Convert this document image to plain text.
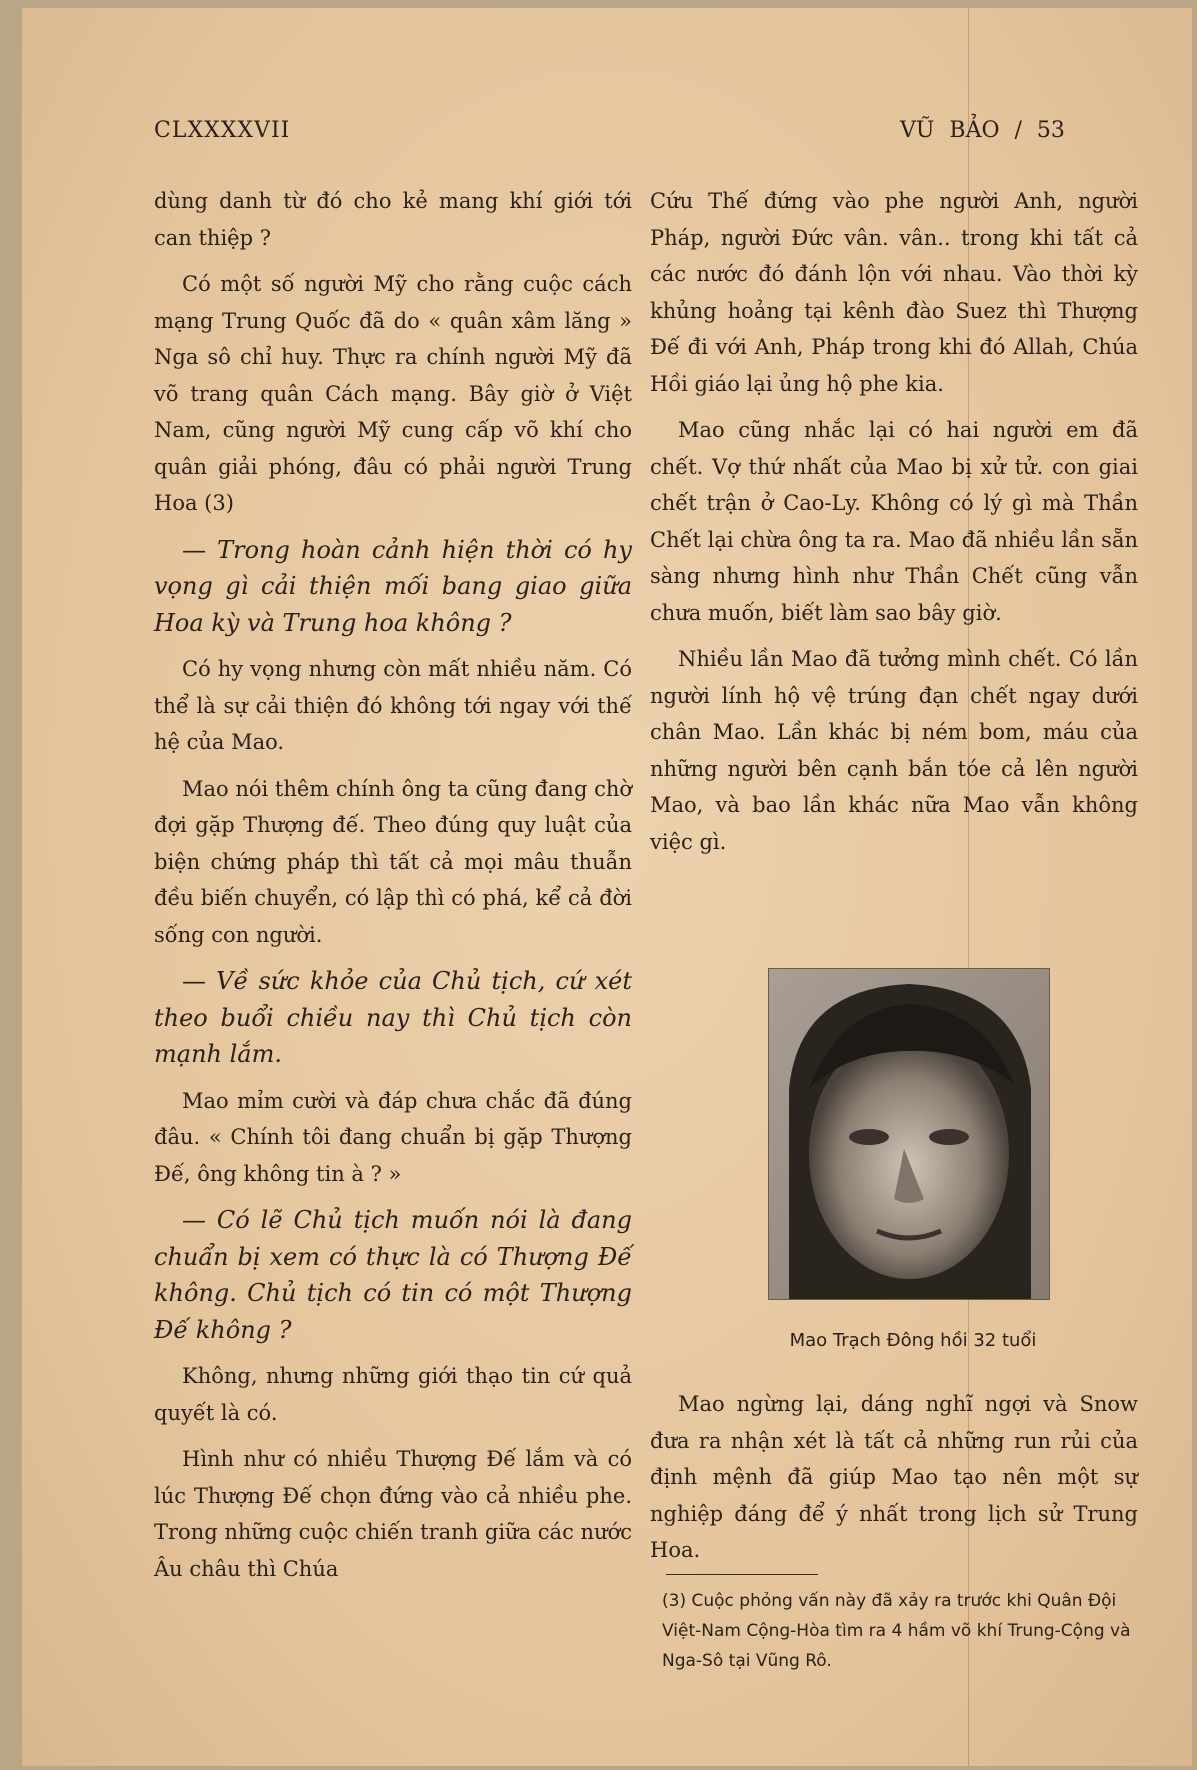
CLXXXXVII	VŨ BẢO / 53

dùng danh từ đó cho kẻ mang khí giới tới can thiệp ?

Có một số người Mỹ cho rằng cuộc cách mạng Trung Quốc đã do « quân xâm lăng » Nga sô chỉ huy. Thực ra chính người Mỹ đã võ trang quân Cách mạng. Bây giờ ở Việt Nam, cũng người Mỹ cung cấp võ khí cho quân giải phóng, đâu có phải người Trung Hoa (3)

— Trong hoàn cảnh hiện thời có hy vọng gì cải thiện mối bang giao giữa Hoa kỳ và Trung hoa không ?

Có hy vọng nhưng còn mất nhiều năm. Có thể là sự cải thiện đó không tới ngay với thế hệ của Mao.

Mao nói thêm chính ông ta cũng đang chờ đợi gặp Thượng đế. Theo đúng quy luật của biện chứng pháp thì tất cả mọi mâu thuẫn đều biến chuyển, có lập thì có phá, kể cả đời sống con người.

— Về sức khỏe của Chủ tịch, cứ xét theo buổi chiều nay thì Chủ tịch còn mạnh lắm.

Mao mỉm cười và đáp chưa chắc đã đúng đâu. « Chính tôi đang chuẩn bị gặp Thượng Đế, ông không tin à ? »

— Có lẽ Chủ tịch muốn nói là đang chuẩn bị xem có thực là có Thượng Đế không. Chủ tịch có tin có một Thượng Đế không ?

Không, nhưng những giới thạo tin cứ quả quyết là có.

Hình như có nhiều Thượng Đế lắm và có lúc Thượng Đế chọn đứng vào cả nhiều phe. Trong những cuộc chiến tranh giữa các nước Âu châu thì Chúa

Cứu Thế đứng vào phe người Anh, người Pháp, người Đức vân. vân.. trong khi tất cả các nước đó đánh lộn với nhau. Vào thời kỳ khủng hoảng tại kênh đào Suez thì Thượng Đế đi với Anh, Pháp trong khi đó Allah, Chúa Hồi giáo lại ủng hộ phe kia.

Mao cũng nhắc lại có hai người em đã chết. Vợ thứ nhất của Mao bị xử tử. con giai chết trận ở Cao-Ly. Không có lý gì mà Thần Chết lại chừa ông ta ra. Mao đã nhiều lần sẵn sàng nhưng hình như Thần Chết cũng vẫn chưa muốn, biết làm sao bây giờ.

Nhiều lần Mao đã tưởng mình chết. Có lần người lính hộ vệ trúng đạn chết ngay dưới chân Mao. Lần khác bị ném bom, máu của những người bên cạnh bắn tóe cả lên người Mao, và bao lần khác nữa Mao vẫn không việc gì.

Mao Trạch Đông hồi 32 tuổi

Mao ngừng lại, dáng nghĩ ngợi và Snow đưa ra nhận xét là tất cả những run rủi của định mệnh đã giúp Mao tạo nên một sự nghiệp đáng để ý nhất trong lịch sử Trung Hoa.

(3) Cuộc phỏng vấn này đã xảy ra trước khi Quân Đội Việt-Nam Cộng-Hòa tìm ra 4 hầm võ khí Trung-Cộng và Nga-Sô tại Vũng Rô.
